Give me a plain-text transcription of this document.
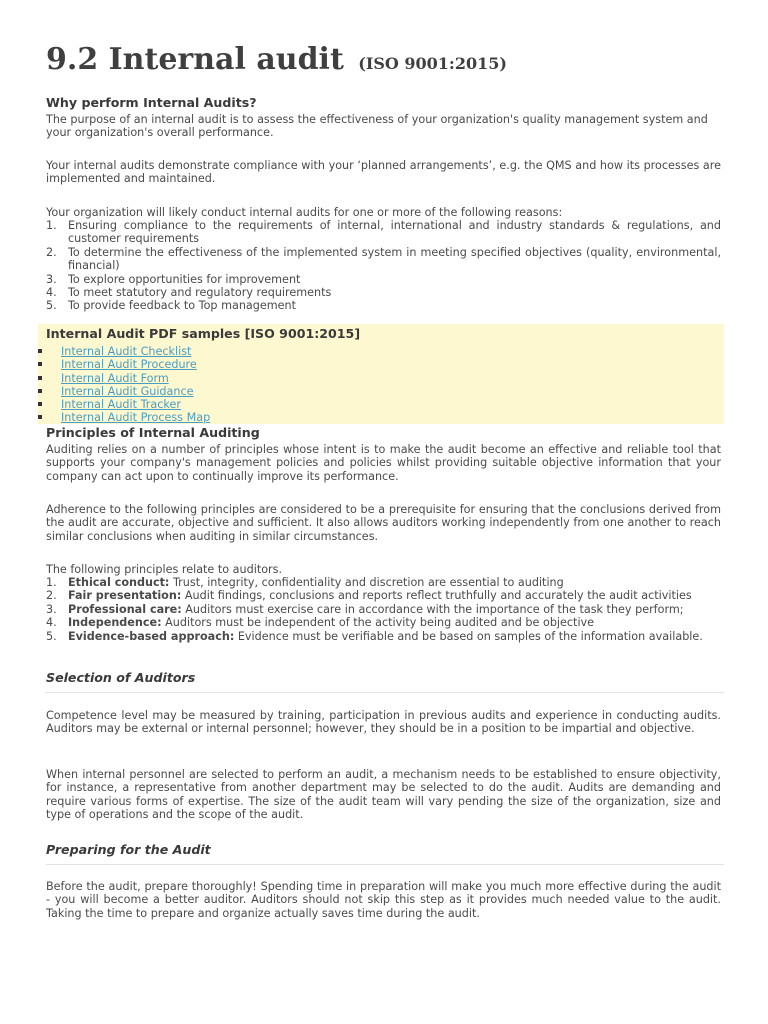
9.2 Internal audit (ISO 9001:2015)
Why perform Internal Audits?
The purpose of an internal audit is to assess the effectiveness of your organization's quality management system and your organization's overall performance.
Your internal audits demonstrate compliance with your ‘planned arrangements’, e.g. the QMS and how its processes are implemented and maintained.
Your organization will likely conduct internal audits for one or more of the following reasons:
1. Ensuring compliance to the requirements of internal, international and industry standards & regulations, and customer requirements
2. To determine the effectiveness of the implemented system in meeting specified objectives (quality, environmental, financial)
3. To explore opportunities for improvement
4. To meet statutory and regulatory requirements
5. To provide feedback to Top management
Internal Audit PDF samples [ISO 9001:2015]
Internal Audit Checklist
Internal Audit Procedure
Internal Audit Form
Internal Audit Guidance
Internal Audit Tracker
Internal Audit Process Map
Principles of Internal Auditing
Auditing relies on a number of principles whose intent is to make the audit become an effective and reliable tool that supports your company's management policies and policies whilst providing suitable objective information that your company can act upon to continually improve its performance.
Adherence to the following principles are considered to be a prerequisite for ensuring that the conclusions derived from the audit are accurate, objective and sufficient. It also allows auditors working independently from one another to reach similar conclusions when auditing in similar circumstances.
The following principles relate to auditors.
1. Ethical conduct: Trust, integrity, confidentiality and discretion are essential to auditing
2. Fair presentation: Audit findings, conclusions and reports reflect truthfully and accurately the audit activities
3. Professional care: Auditors must exercise care in accordance with the importance of the task they perform;
4. Independence: Auditors must be independent of the activity being audited and be objective
5. Evidence-based approach: Evidence must be verifiable and be based on samples of the information available.
Selection of Auditors
Competence level may be measured by training, participation in previous audits and experience in conducting audits. Auditors may be external or internal personnel; however, they should be in a position to be impartial and objective.
When internal personnel are selected to perform an audit, a mechanism needs to be established to ensure objectivity, for instance, a representative from another department may be selected to do the audit. Audits are demanding and require various forms of expertise. The size of the audit team will vary pending the size of the organization, size and type of operations and the scope of the audit.
Preparing for the Audit
Before the audit, prepare thoroughly! Spending time in preparation will make you much more effective during the audit - you will become a better auditor. Auditors should not skip this step as it provides much needed value to the audit. Taking the time to prepare and organize actually saves time during the audit.
